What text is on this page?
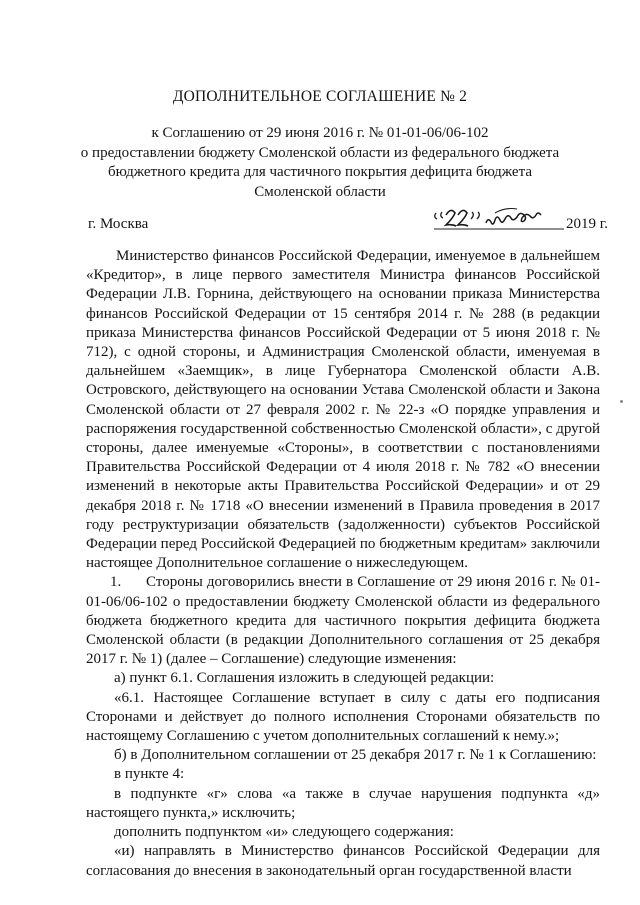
ДОПОЛНИТЕЛЬНОЕ СОГЛАШЕНИЕ № 2
к Соглашению от 29 июня 2016 г. № 01-01-06/06-102
о предоставлении бюджету Смоленской области из федерального бюджета
бюджетного кредита для частичного покрытия дефицита бюджета
Смоленской области
г. Москва	2019 г.

Министерство финансов Российской Федерации, именуемое в дальнейшем «Кредитор», в лице первого заместителя Министра финансов Российской Федерации Л.В. Горнина, действующего на основании приказа Министерства финансов Российской Федерации от 15 сентября 2014 г. № 288 (в редакции приказа Министерства финансов Российской Федерации от 5 июня 2018 г. № 712), с одной стороны, и Администрация Смоленской области, именуемая в дальнейшем «Заемщик», в лице Губернатора Смоленской области А.В. Островского, действующего на основании Устава Смоленской области и Закона Смоленской области от 27 февраля 2002 г. № 22-з «О порядке управления и распоряжения государственной собственностью Смоленской области», с другой стороны, далее именуемые «Стороны», в соответствии с постановлениями Правительства Российской Федерации от 4 июля 2018 г. № 782 «О внесении изменений в некоторые акты Правительства Российской Федерации» и от 29 декабря 2018 г. № 1718 «О внесении изменений в Правила проведения в 2017 году реструктуризации обязательств (задолженности) субъектов Российской Федерации перед Российской Федерацией по бюджетным кредитам» заключили настоящее Дополнительное соглашение о нижеследующем.

1.      Стороны договорились внести в Соглашение от 29 июня 2016 г. № 01-01-06/06-102 о предоставлении бюджету Смоленской области из федерального бюджета бюджетного кредита для частичного покрытия дефицита бюджета Смоленской области (в редакции Дополнительного соглашения от 25 декабря 2017 г. № 1) (далее – Соглашение) следующие изменения:

а) пункт 6.1. Соглашения изложить в следующей редакции:

«6.1. Настоящее Соглашение вступает в силу с даты его подписания Сторонами и действует до полного исполнения Сторонами обязательств по настоящему Соглашению с учетом дополнительных соглашений к нему.»;

б) в Дополнительном соглашении от 25 декабря 2017 г. № 1 к Соглашению:

в пункте 4:

в подпункте «г» слова «а также в случае нарушения подпункта «д» настоящего пункта,» исключить;

дополнить подпунктом «и» следующего содержания:

«и) направлять в Министерство финансов Российской Федерации для согласования до внесения в законодательный орган государственной власти
